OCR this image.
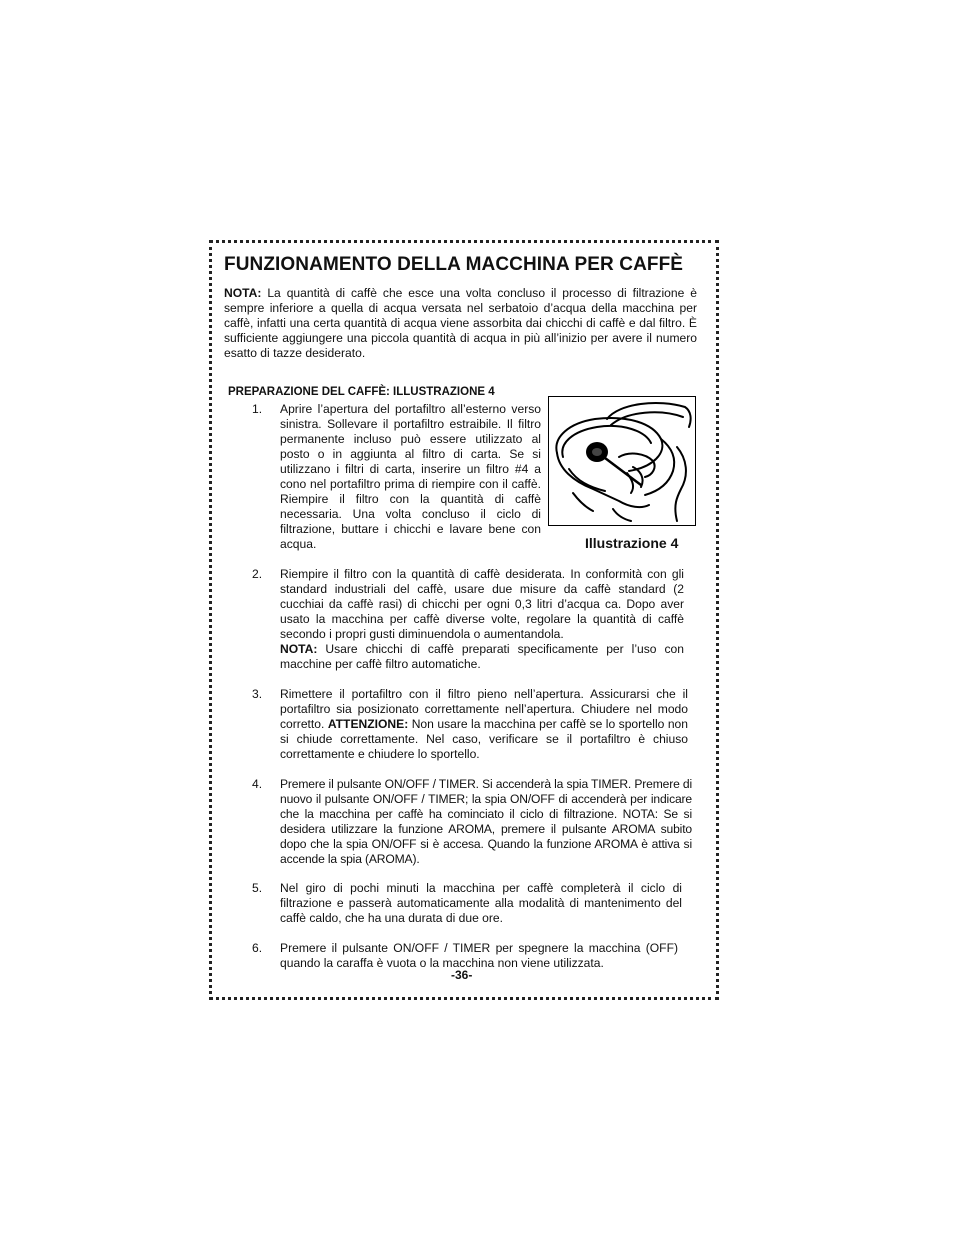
FUNZIONAMENTO DELLA MACCHINA PER CAFFÈ

NOTA: La quantità di caffè che esce una volta concluso il processo di filtrazione è sempre inferiore a quella di acqua versata nel serbatoio d’acqua della macchina per caffè, infatti una certa quantità di acqua viene assorbita dai chicchi di caffè e dal filtro. È sufficiente aggiungere una piccola quantità di acqua in più all’inizio per avere il numero esatto di tazze desiderato.

PREPARAZIONE DEL CAFFÈ: ILLUSTRAZIONE 4
Illustrazione 4
1. Aprire l’apertura del portafiltro all’esterno verso sinistra. Sollevare il portafiltro estraibile. Il filtro permanente incluso può essere utilizzato al posto o in aggiunta al filtro di carta. Se si utilizzano i filtri di carta, inserire un filtro #4 a cono nel portafiltro prima di riempire con il caffè. Riempire il filtro con la quantità di caffè necessaria. Una volta concluso il ciclo di filtrazione, buttare i chicchi e lavare bene con acqua.

2. Riempire il filtro con la quantità di caffè desiderata. In conformità con gli standard industriali del caffè, usare due misure da caffè standard (2 cucchiai da caffè rasi) di chicchi per ogni 0,3 litri d’acqua ca. Dopo aver usato la macchina per caffè diverse volte, regolare la quantità di caffè secondo i propri gusti diminuendola o aumentandola.
NOTA: Usare chicchi di caffè preparati specificamente per l’uso con macchine per caffè filtro automatiche.

3. Rimettere il portafiltro con il filtro pieno nell’apertura. Assicurarsi che il portafiltro sia posizionato correttamente nell’apertura. Chiudere nel modo corretto. ATTENZIONE: Non usare la macchina per caffè se lo sportello non si chiude correttamente. Nel caso, verificare se il portafiltro è chiuso correttamente e chiudere lo sportello.

4. Premere il pulsante ON/OFF / TIMER. Si accenderà la spia TIMER. Premere di nuovo il pulsante ON/OFF / TIMER; la spia ON/OFF di accenderà per indicare che la macchina per caffè ha cominciato il ciclo di filtrazione. NOTA: Se si desidera utilizzare la funzione AROMA, premere il pulsante AROMA subito dopo che la spia ON/OFF si è accesa. Quando la funzione AROMA è attiva si accende la spia (AROMA).

5. Nel giro di pochi minuti la macchina per caffè completerà il ciclo di filtrazione e passerà automaticamente alla modalità di mantenimento del caffè caldo, che ha una durata di due ore.

6. Premere il pulsante ON/OFF / TIMER per spegnere la macchina (OFF) quando la caraffa è vuota o la macchina non viene utilizzata.

-36-
